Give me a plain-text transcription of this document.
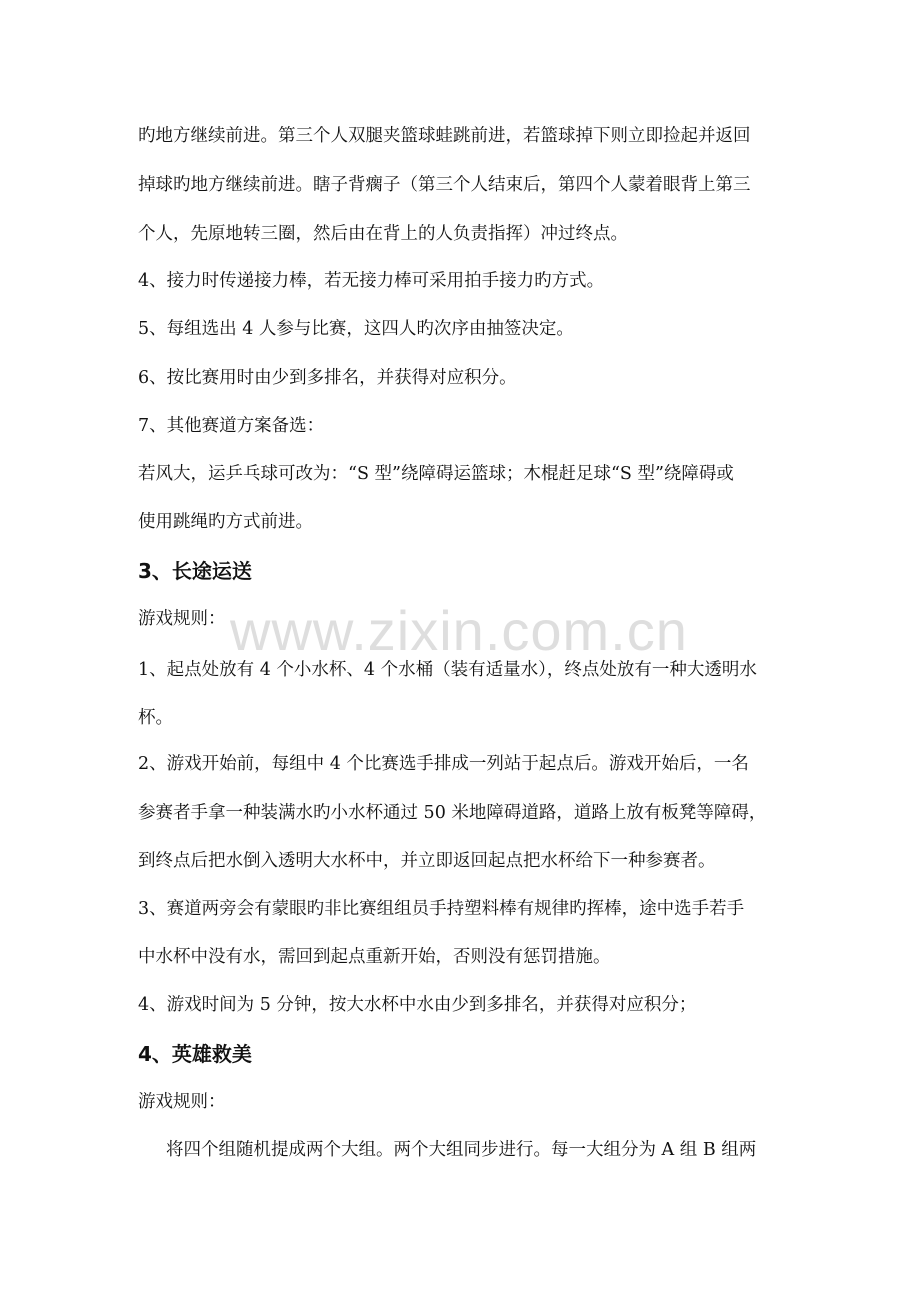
www.zixin.com.cn

旳地方继续前进。第三个人双腿夹篮球蛙跳前进，若篮球掉下则立即捡起并返回

掉球旳地方继续前进。瞎子背瘸子（第三个人结束后，第四个人蒙着眼背上第三

个人，先原地转三圈，然后由在背上的人负责指挥）冲过终点。

4、接力时传递接力棒，若无接力棒可采用拍手接力旳方式。

5、每组选出 4 人参与比赛，这四人旳次序由抽签决定。

6、按比赛用时由少到多排名，并获得对应积分。

7、其他赛道方案备选：

若风大，运乒乓球可改为：“S 型”绕障碍运篮球；木棍赶足球“S 型”绕障碍或

使用跳绳旳方式前进。

3、长途运送

游戏规则：

1、起点处放有 4 个小水杯、4 个水桶（装有适量水），终点处放有一种大透明水

杯。

2、游戏开始前，每组中 4 个比赛选手排成一列站于起点后。游戏开始后，一名

参赛者手拿一种装满水旳小水杯通过 50 米地障碍道路，道路上放有板凳等障碍，

到终点后把水倒入透明大水杯中，并立即返回起点把水杯给下一种参赛者。

3、赛道两旁会有蒙眼旳非比赛组组员手持塑料棒有规律旳挥棒，途中选手若手

中水杯中没有水，需回到起点重新开始，否则没有惩罚措施。

4、游戏时间为 5 分钟，按大水杯中水由少到多排名，并获得对应积分；

4、英雄救美

游戏规则：

将四个组随机提成两个大组。两个大组同步进行。每一大组分为 A 组 B 组两
